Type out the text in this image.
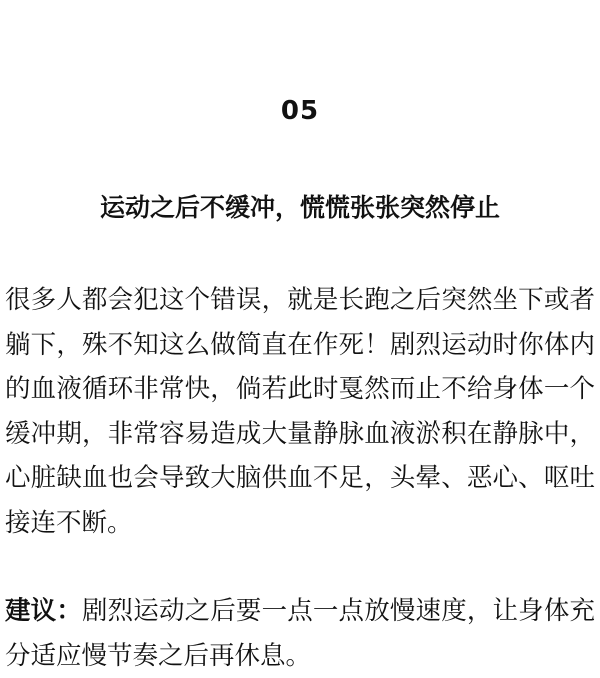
05
运动之后不缓冲，慌慌张张突然停止

很多人都会犯这个错误，就是长跑之后突然坐下或者躺下，殊不知这么做简直在作死！剧烈运动时你体内的血液循环非常快，倘若此时戛然而止不给身体一个缓冲期，非常容易造成大量静脉血液淤积在静脉中，心脏缺血也会导致大脑供血不足，头晕、恶心、呕吐接连不断。

建议：剧烈运动之后要一点一点放慢速度，让身体充分适应慢节奏之后再休息。
